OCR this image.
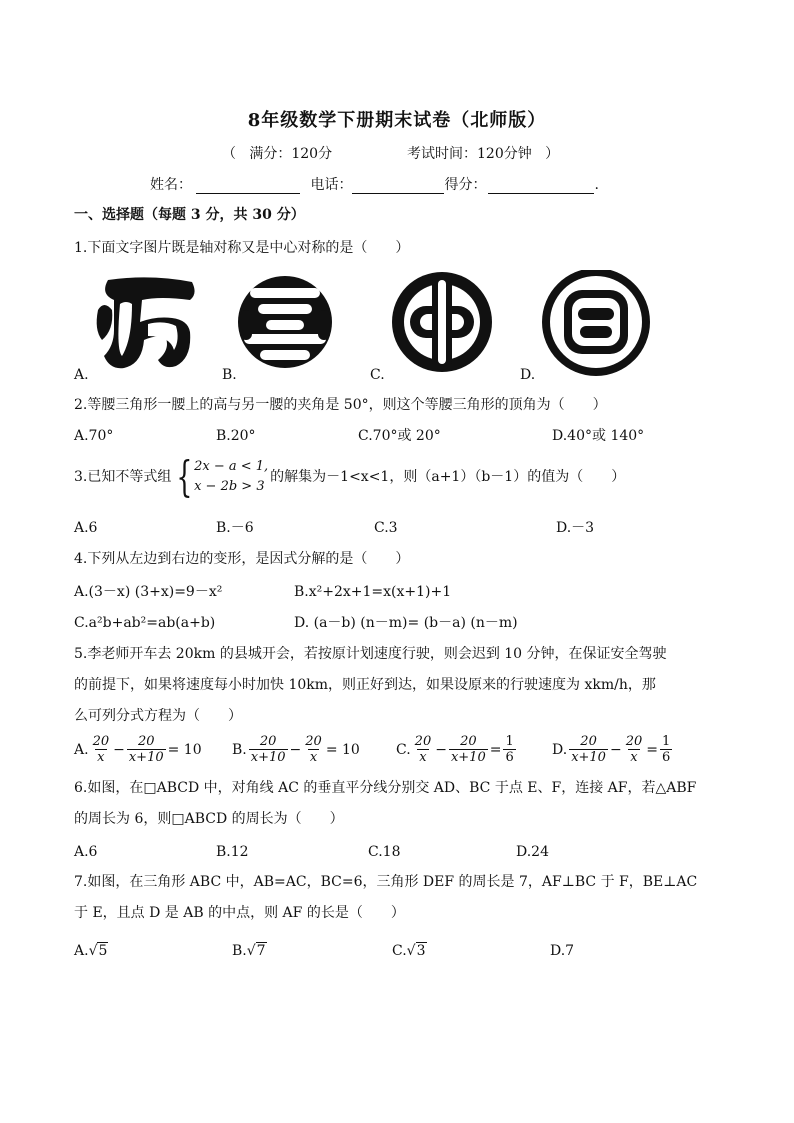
8年级数学下册期末试卷（北师版）
（ 满分：120分	考试时间：120分钟 ）
姓名：	电话：	得分：	.
一、选择题（每题 3 分，共 30 分）
1.下面文字图片既是轴对称又是中心对称的是（　　）
A.	B.	C.	D.
2.等腰三角形一腰上的高与另一腰的夹角是 50°，则这个等腰三角形的顶角为（　　）
A.70°	B.20°	C.70°或 20°	D.40°或 140°
3.已知不等式组 { 2x − a < 1,
x − 2b > 3
的解集为－1<x<1，则（a+1）（b－1）的值为（　　）
A.6	B.－6	C.3	D.－3
4.下列从左边到右边的变形，是因式分解的是（　　）
A.(3－x) (3+x)=9－x²	B.x²+2x+1=x(x+1)+1
C.a²b+ab²=ab(a+b)	D. (a－b) (n－m)= (b－a) (n－m)
5.李老师开车去 20km 的县城开会，若按原计划速度行驶，则会迟到 10 分钟，在保证安全驾驶
的前提下，如果将速度每小时加快 10km，则正好到达，如果设原来的行驶速度为 xkm/h，那
么可列分式方程为（　　）
A. $\frac{20}{x} - \frac{20}{x+10} = 10$ B. $\frac{20}{x+10} - \frac{20}{x} = 10$	C. $\frac{20}{x} - \frac{20}{x+10} = \frac{1}{6}$	D. $\frac{20}{x+10} - \frac{20}{x} = \frac{1}{6}$
6.如图，在□ABCD 中，对角线 AC 的垂直平分线分别交 AD、BC 于点 E、F，连接 AF，若△ABF
的周长为 6，则□ABCD 的周长为（　　）
A.6	B.12	C.18	D.24
7.如图，在三角形 ABC 中，AB=AC，BC=6，三角形 DEF 的周长是 7，AF⊥BC 于 F，BE⊥AC
于 E，且点 D 是 AB 的中点，则 AF 的长是（　　）
A.√5	B.√7	C.√3	D.7
